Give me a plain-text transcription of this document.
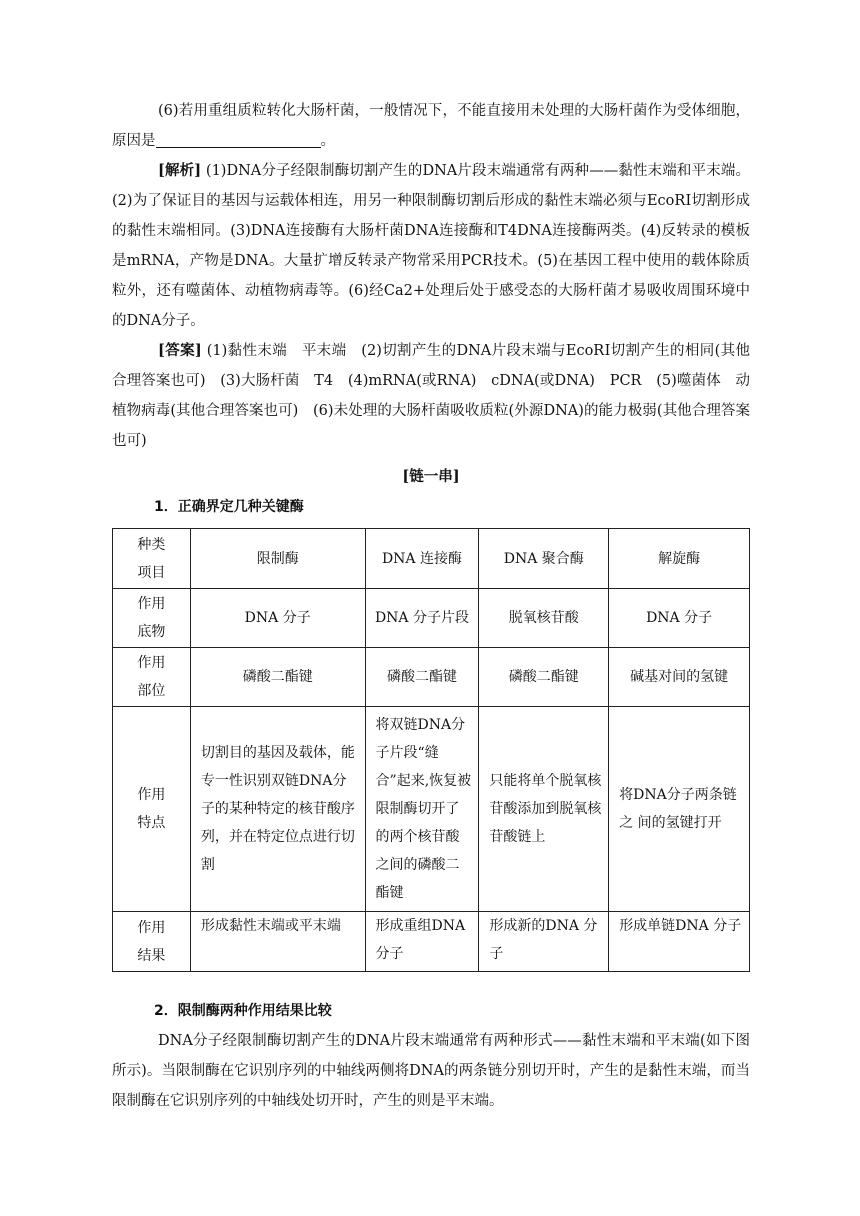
(6)若用重组质粒转化大肠杆菌，一般情况下，不能直接用未处理的大肠杆菌作为受体细胞，原因是	。

[解析] (1)DNA分子经限制酶切割产生的DNA片段末端通常有两种——黏性末端和平末端。(2)为了保证目的基因与运载体相连，用另一种限制酶切割后形成的黏性末端必须与EcoRⅠ切割形成的黏性末端相同。(3)DNA连接酶有大肠杆菌DNA连接酶和T4DNA连接酶两类。(4)反转录的模板是mRNA，产物是DNA。大量扩增反转录产物常采用PCR技术。(5)在基因工程中使用的载体除质粒外，还有噬菌体、动植物病毒等。(6)经Ca2+处理后处于感受态的大肠杆菌才易吸收周围环境中的DNA分子。

[答案] (1)黏性末端　平末端　(2)切割产生的DNA片段末端与EcoRⅠ切割产生的相同(其他合理答案也可)　(3)大肠杆菌　T4　(4)mRNA(或RNA)　cDNA(或DNA)　PCR　(5)噬菌体　动植物病毒(其他合理答案也可)　(6)未处理的大肠杆菌吸收质粒(外源DNA)的能力极弱(其他合理答案也可)

[链一串]

1．正确界定几种关键酶
种类
项目	限制酶	DNA 连接酶	DNA 聚合酶	解旋酶

作用
底物	DNA 分子	DNA 分子片段	脱氧核苷酸	DNA 分子

作用
部位	磷酸二酯键	磷酸二酯键	磷酸二酯键	碱基对间的氢键

作用
特点	切割目的基因及载体，能专一性识别双链DNA分子的某种特定的核苷酸序列，并在特定位点进行切割	将双链DNA分子片段“缝合”起来,恢复被限制酶切开了的两个核苷酸之间的磷酸二酯键	只能将单个脱氧核苷酸添加到脱氧核苷酸链上	将DNA分子两条链之 间的氢键打开

作用
结果	形成黏性末端或平末端	形成重组DNA 分子	形成新的DNA 分子	形成单链DNA 分子
2．限制酶两种作用结果比较

DNA分子经限制酶切割产生的DNA片段末端通常有两种形式——黏性末端和平末端(如下图所示)。当限制酶在它识别序列的中轴线两侧将DNA的两条链分别切开时，产生的是黏性末端，而当限制酶在它识别序列的中轴线处切开时，产生的则是平末端。
